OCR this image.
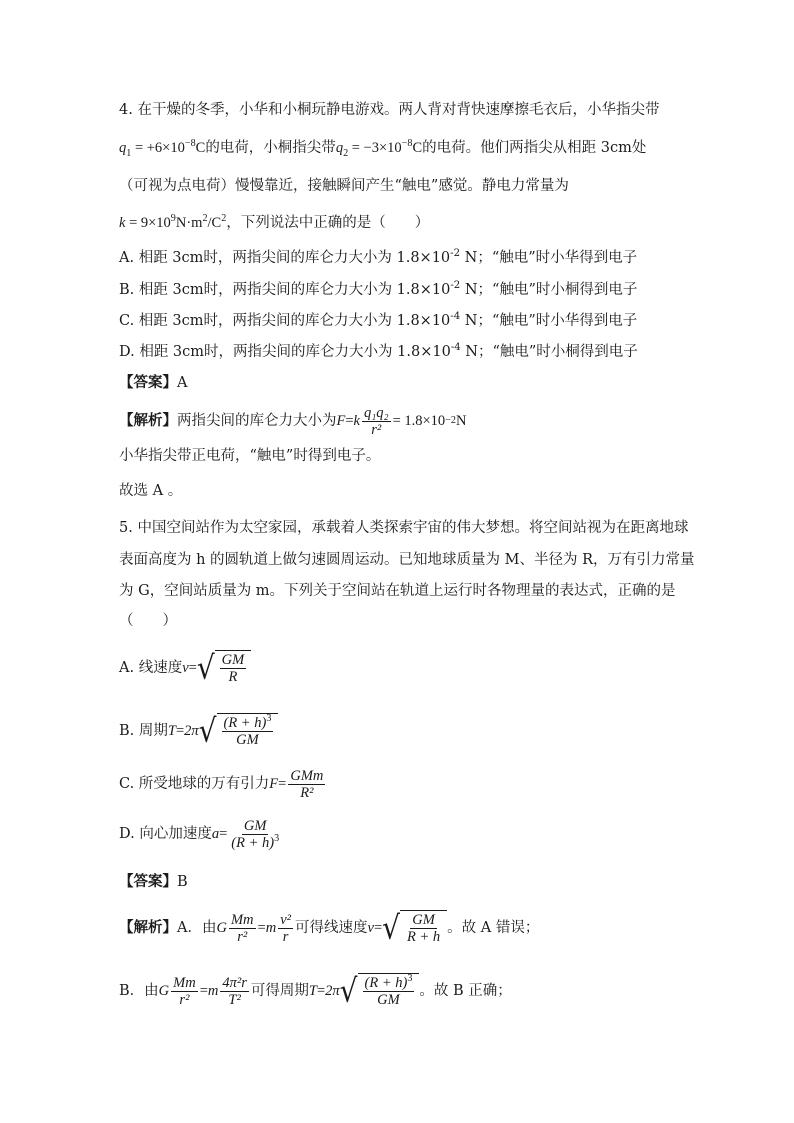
4. 在干燥的冬季，小华和小桐玩静电游戏。两人背对背快速摩擦毛衣后，小华指尖带
$q_1 = +6\times 10^{-8}C$的电荷，小桐指尖带$q_2 = -3\times 10^{-8}C$的电荷。他们两指尖从相距 3cm处
（可视为点电荷）慢慢靠近，接触瞬间产生“触电”感觉。静电力常量为
$k = 9\times 10^9N\cdot m^2/C^2$，下列说法中正确的是（　　）
A. 相距 3cm时，两指尖间的库仑力大小为 $1.8\times 10^{-2}$ N；“触电”时小华得到电子
B. 相距 3cm时，两指尖间的库仑力大小为 $1.8\times 10^{-2}$ N；“触电”时小桐得到电子
C. 相距 3cm时，两指尖间的库仑力大小为 $1.8\times 10^{-4}$ N；“触电”时小华得到电子
D. 相距 3cm时，两指尖间的库仑力大小为 $1.8\times 10^{-4}$ N；“触电”时小桐得到电子
【答案】A
【解析】 两指尖间的库仑力大小为 F = k $\frac{\text{q₁q₂}}{\text{r²}} = 1.8\times 10 -2$ N
小华指尖带正电荷，“触电”时得到电子。
故选 A 。
5. 中国空间站作为太空家园，承载着人类探索宇宙的伟大梦想。将空间站视为在距离地球
表面高度为 h 的圆轨道上做匀速圆周运动。已知地球质量为 M、半径为 R，万有引力常量
为 G，空间站质量为 m。下列关于空间站在轨道上运行时各物理量的表达式，正确的是
（　　）
A. 线速度 v = √ $\frac{GM}{R}$
B. 周期 T = 2π √ $\frac{(R + h)^3}{GM}$
C. 所受地球的万有引力 $F = \frac{\text{GMm}}{\text{R²}}$
D. 向心加速度 $a = \frac{GM}{(R + h)^3}$
【答案】B
【解析】 A．由 G $\frac{Mm}{\text{r²}} = m \frac{\text{v²}}{r}$ 可得线速度 v = √ $\frac{GM}{R + h}$ 。故 A 错误；
B．由 G $\frac{Mm}{\text{r²}} = m \frac{\text{4π²r}}{\text{T²}}$ 可得周期 T = 2π √ $\frac{(R + h)^3}{GM}$ 。故 B 正确；
